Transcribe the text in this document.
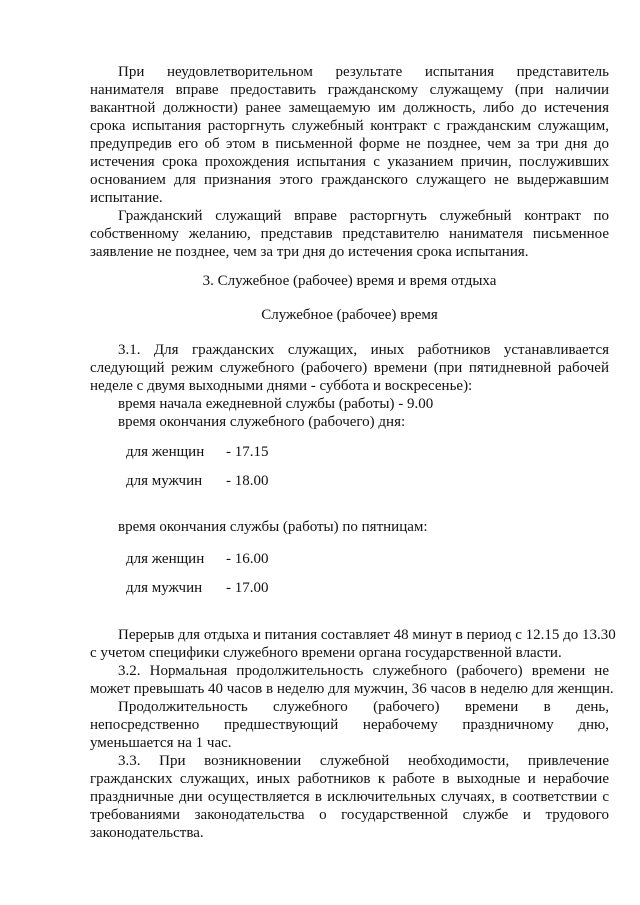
При неудовлетворительном результате испытания представитель
нанимателя вправе предоставить гражданскому служащему (при наличии
вакантной должности) ранее замещаемую им должность, либо до истечения
срока испытания расторгнуть служебный контракт с гражданским служащим,
предупредив его об этом в письменной форме не позднее, чем за три дня до
истечения срока прохождения испытания с указанием причин, послуживших
основанием для признания этого гражданского служащего не выдержавшим
испытание.
Гражданский служащий вправе расторгнуть служебный контракт по
собственному желанию, представив представителю нанимателя письменное
заявление не позднее, чем за три дня до истечения срока испытания.
3. Служебное (рабочее) время и время отдыха
Служебное (рабочее) время
3.1. Для гражданских служащих, иных работников устанавливается
следующий режим служебного (рабочего) времени (при пятидневной рабочей
неделе с двумя выходными днями - суббота и воскресенье):
время начала ежедневной службы (работы) - 9.00
время окончания служебного (рабочего) дня:
для женщин - 17.15
для мужчин - 18.00
время окончания службы (работы) по пятницам:
для женщин - 16.00
для мужчин - 17.00
Перерыв для отдыха и питания составляет 48 минут в период с 12.15 до 13.30
с учетом специфики служебного времени органа государственной власти.
3.2. Нормальная продолжительность служебного (рабочего) времени не
может превышать 40 часов в неделю для мужчин, 36 часов в неделю для женщин.
Продолжительность служебного (рабочего) времени в день,
непосредственно предшествующий нерабочему праздничному дню,
уменьшается на 1 час.
3.3. При возникновении служебной необходимости, привлечение
гражданских служащих, иных работников к работе в выходные и нерабочие
праздничные дни осуществляется в исключительных случаях, в соответствии с
требованиями законодательства о государственной службе и трудового
законодательства.
